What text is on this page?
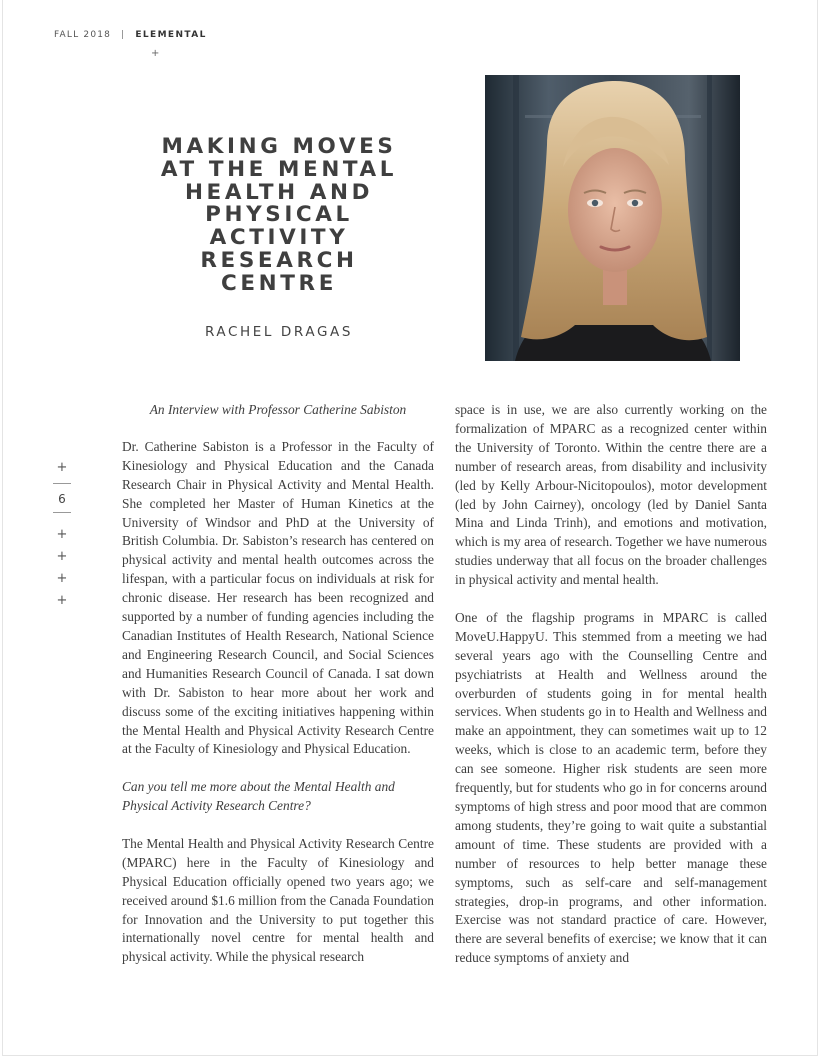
FALL 2018 | ELEMENTAL
+
MAKING MOVES AT THE MENTAL HEALTH AND PHYSICAL ACTIVITY RESEARCH CENTRE
RACHEL DRAGAS
+
6
+
+
+
+

An Interview with Professor Catherine Sabiston

Dr. Catherine Sabiston is a Professor in the Faculty of Kinesiology and Physical Education and the Canada Research Chair in Physical Activity and Mental Health. She completed her Master of Human Kinetics at the University of Windsor and PhD at the University of British Columbia. Dr. Sabiston’s research has centered on physical activity and mental health outcomes across the lifespan, with a particular focus on individuals at risk for chronic disease. Her research has been recognized and supported by a number of funding agencies including the Canadian Institutes of Health Research, National Science and Engineering Research Council, and Social Sciences and Humanities Research Council of Canada. I sat down with Dr. Sabiston to hear more about her work and discuss some of the exciting initiatives happening within the Mental Health and Physical Activity Research Centre at the Faculty of Kinesiology and Physical Education.

Can you tell me more about the Mental Health and Physical Activity Research Centre?

The Mental Health and Physical Activity Research Centre (MPARC) here in the Faculty of Kinesiology and Physical Education officially opened two years ago; we received around $1.6 million from the Canada Foundation for Innovation and the University to put together this internationally novel centre for mental health and physical activity. While the physical research

space is in use, we are also currently working on the formalization of MPARC as a recognized center within the University of Toronto. Within the centre there are a number of research areas, from disability and inclusivity (led by Kelly Arbour-Nicitopoulos), motor development (led by John Cairney), oncology (led by Daniel Santa Mina and Linda Trinh), and emotions and motivation, which is my area of research. Together we have numerous studies underway that all focus on the broader challenges in physical activity and mental health.

One of the flagship programs in MPARC is called MoveU.HappyU. This stemmed from a meeting we had several years ago with the Counselling Centre and psychiatrists at Health and Wellness around the overburden of students going in for mental health services. When students go in to Health and Wellness and make an appointment, they can sometimes wait up to 12 weeks, which is close to an academic term, before they can see someone. Higher risk students are seen more frequently, but for students who go in for concerns around symptoms of high stress and poor mood that are common among students, they’re going to wait quite a substantial amount of time. These students are provided with a number of resources to help better manage these symptoms, such as self-care and self-management strategies, drop-in programs, and other information. Exercise was not standard practice of care. However, there are several benefits of exercise; we know that it can reduce symptoms of anxiety and
